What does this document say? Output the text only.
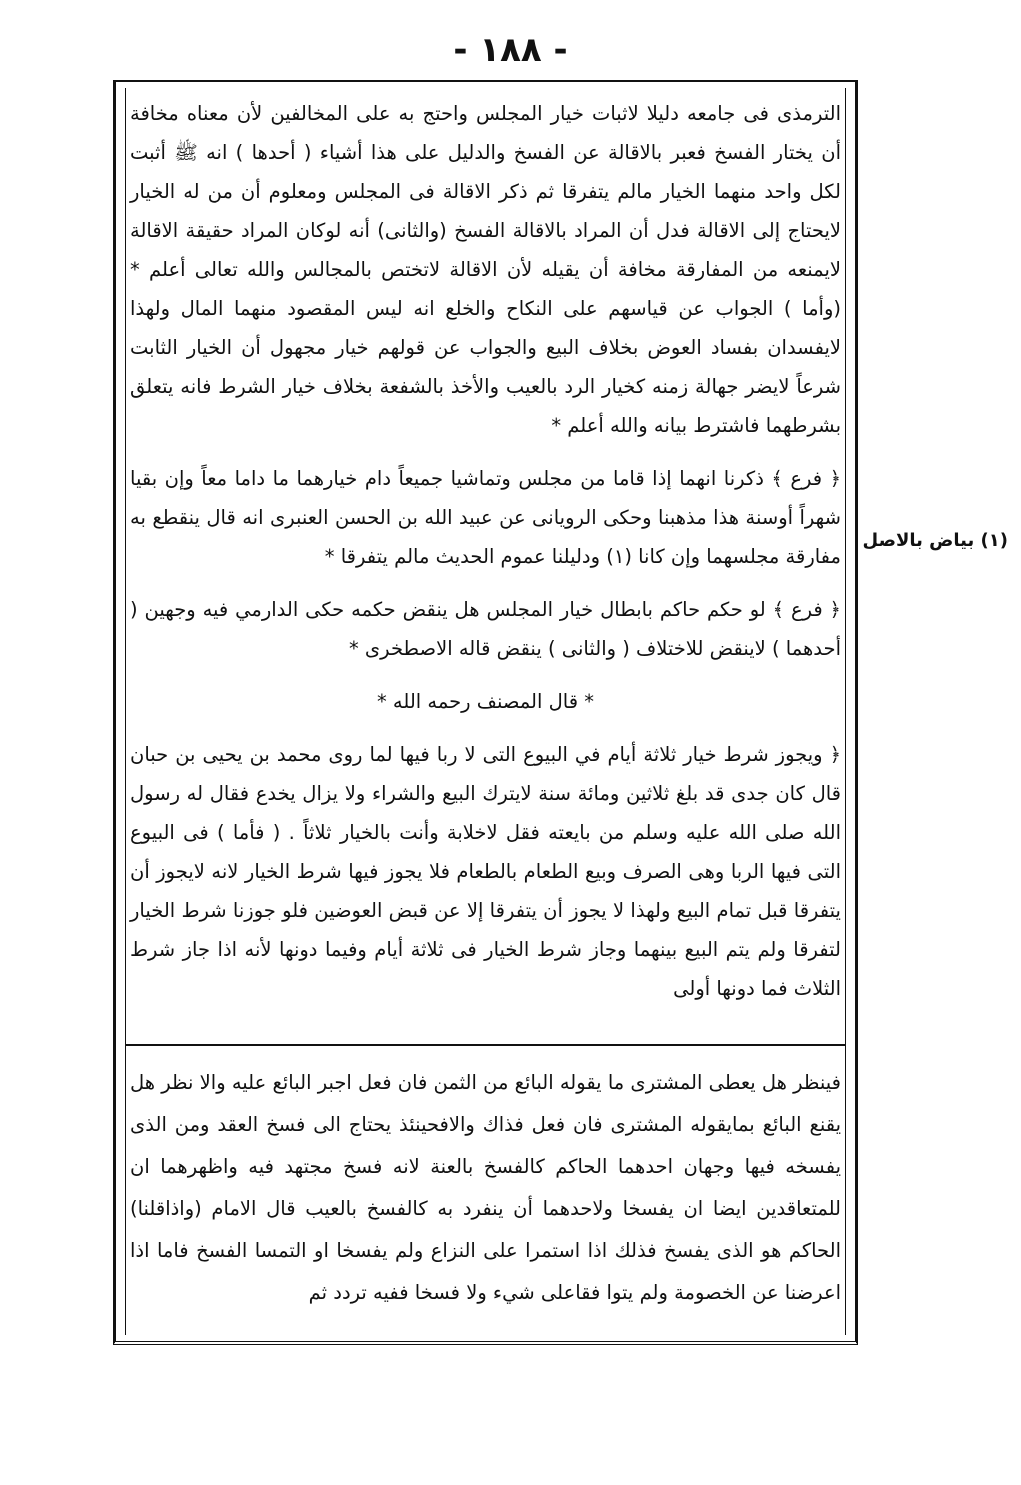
- ١٨٨ -
(١) بياض بالاصل

الترمذى فى جامعه دليلا لاثبات خيار المجلس واحتج به على المخالفين لأن معناه مخافة أن يختار الفسخ فعبر بالاقالة عن الفسخ والدليل على هذا أشياء ( أحدها ) انه ﷺ أثبت لكل واحد منهما الخيار مالم يتفرقا ثم ذكر الاقالة فى المجلس ومعلوم أن من له الخيار لايحتاج إلى الاقالة فدل أن المراد بالاقالة الفسخ (والثانى) أنه لوكان المراد حقيقة الاقالة لايمنعه من المفارقة مخافة أن يقيله لأن الاقالة لاتختص بالمجالس والله تعالى أعلم * (وأما ) الجواب عن قياسهم على النكاح والخلع انه ليس المقصود منهما المال ولهذا لايفسدان بفساد العوض بخلاف البيع والجواب عن قولهم خيار مجهول أن الخيار الثابت شرعاً لايضر جهالة زمنه كخيار الرد بالعيب والأخذ بالشفعة بخلاف خيار الشرط فانه يتعلق بشرطهما فاشترط بيانه والله أعلم *

﴿ فرع ﴾ ذكرنا انهما إذا قاما من مجلس وتماشيا جميعاً دام خيارهما ما داما معاً وإن بقيا شهراً أوسنة هذا مذهبنا وحكى الرويانى عن عبيد الله بن الحسن العنبرى انه قال ينقطع به مفارقة مجلسهما وإن كانا (١) ودليلنا عموم الحديث مالم يتفرقا *

﴿ فرع ﴾ لو حكم حاكم بابطال خيار المجلس هل ينقض حكمه حكى الدارمي فيه وجهين ( أحدهما ) لاينقض للاختلاف ( والثانى ) ينقض قاله الاصطخرى *

* قال المصنف رحمه الله *

﴿ ويجوز شرط خيار ثلاثة أيام في البيوع التى لا ربا فيها لما روى محمد بن يحيى بن حبان قال كان جدى قد بلغ ثلاثين ومائة سنة لايترك البيع والشراء ولا يزال يخدع فقال له رسول الله صلى الله عليه وسلم من بايعته فقل لاخلابة وأنت بالخيار ثلاثاً . ( فأما ) فى البيوع التى فيها الربا وهى الصرف وبيع الطعام بالطعام فلا يجوز فيها شرط الخيار لانه لايجوز أن يتفرقا قبل تمام البيع ولهذا لا يجوز أن يتفرقا إلا عن قبض العوضين فلو جوزنا شرط الخيار لتفرقا ولم يتم البيع بينهما وجاز شرط الخيار فى ثلاثة أيام وفيما دونها لأنه اذا جاز شرط الثلاث فما دونها أولى

فينظر هل يعطى المشترى ما يقوله البائع من الثمن فان فعل اجبر البائع عليه والا نظر هل يقنع البائع بمايقوله المشترى فان فعل فذاك والافحينئذ يحتاج الى فسخ العقد ومن الذى يفسخه فيها وجهان احدهما الحاكم كالفسخ بالعنة لانه فسخ مجتهد فيه واظهرهما ان للمتعاقدين ايضا ان يفسخا ولاحدهما أن ينفرد به كالفسخ بالعيب قال الامام (واذاقلنا) الحاكم هو الذى يفسخ فذلك اذا استمرا على النزاع ولم يفسخا او التمسا الفسخ فاما اذا اعرضنا عن الخصومة ولم يتوا فقاعلى شيء ولا فسخا ففيه تردد ثم
